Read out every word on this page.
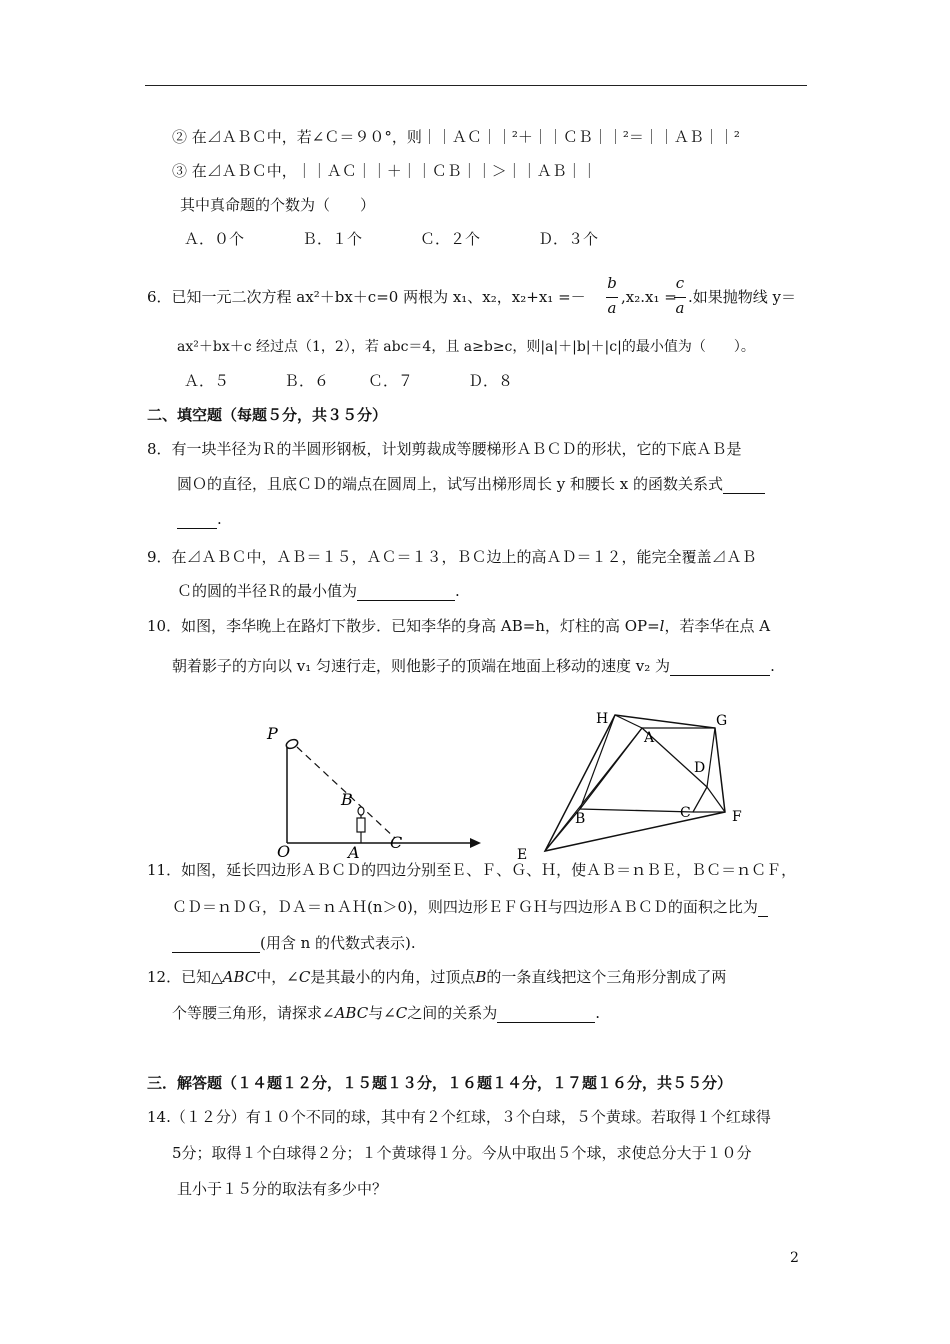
② 在⊿ＡＢＣ中，若∠Ｃ＝９０°，则｜｜ＡＣ｜｜²＋｜｜ＣＢ｜｜²＝｜｜ＡＢ｜｜²
③ 在⊿ＡＢＣ中，｜｜ＡＣ｜｜＋｜｜ＣＢ｜｜＞｜｜ＡＢ｜｜
其中真命题的个数为（　　）
Ａ．０个	Ｂ．１个	Ｃ．２个	Ｄ．３个
6．已知一元二次方程 ax²＋bx＋c=0 两根为 x₁、x₂，x₂+x₁ =－
b
a
,x₂.x₁ =
c
a
.如果抛物线 y＝
ax²＋bx＋c 经过点（1，2），若 abc＝4，且 a≥b≥c，则|a|＋|b|＋|c|的最小值为（　　）。
Ａ．５	Ｂ．６	Ｃ．７	Ｄ．８
二、填空题（每题５分，共３５分）
8．有一块半径为Ｒ的半圆形钢板，计划剪裁成等腰梯形ＡＢＣＤ的形状，它的下底ＡＢ是
圆Ｏ的直径，且底ＣＤ的端点在圆周上，试写出梯形周长 y 和腰长 x 的函数关系式
.
9．在⊿ＡＢＣ中，ＡＢ＝１５，ＡＣ＝１３，ＢＣ边上的高ＡＤ＝１２，能完全覆盖⊿ＡＢ
Ｃ的圆的半径Ｒ的最小值为	.
10．如图，李华晚上在路灯下散步．已知李华的身高 AB=h，灯柱的高 OP=l，若李华在点 A
朝着影子的方向以 v₁ 匀速行走，则他影子的顶端在地面上移动的速度 v₂ 为	.
P
B
O	A
C
H	G
A
D
B	C	F
E
11．如图，延长四边形ＡＢＣＤ的四边分别至Ｅ、Ｆ、Ｇ、Ｈ，使ＡＢ＝ｎＢＥ，ＢＣ＝ｎＣＦ，
ＣＤ＝ｎＤＧ，ＤＡ＝ｎＡＨ(n＞0)，则四边形ＥＦＧＨ与四边形ＡＢＣＤ的面积之比为
(用含 n 的代数式表示).
12．已知△ABC中，∠C是其最小的内角，过顶点B的一条直线把这个三角形分割成了两
个等腰三角形，请探求∠ABC与∠C之间的关系为	.
三．解答题（１４题１２分，１５题１３分，１６题１４分，１７题１６分，共５５分）
14.（１２分）有１０个不同的球，其中有２个红球，３个白球，５个黄球。若取得１个红球得
5分；取得１个白球得２分；１个黄球得１分。今从中取出５个球，求使总分大于１０分
且小于１５分的取法有多少中？
2
